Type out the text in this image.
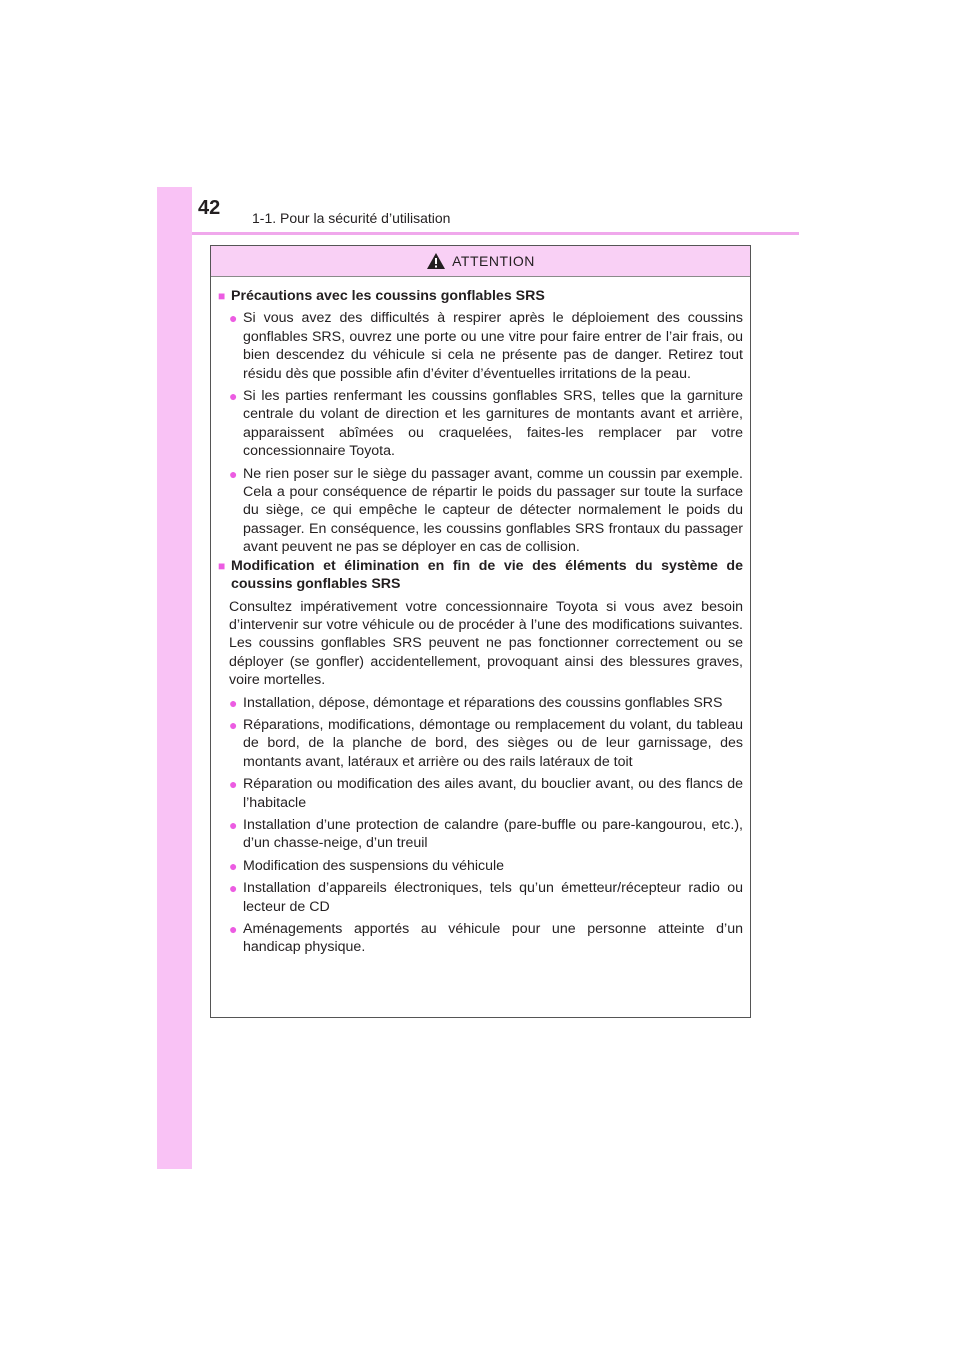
42 1-1. Pour la sécurité d’utilisation
ATTENTION
■ Précautions avec les coussins gonflables SRS
● Si vous avez des difficultés à respirer après le déploiement des coussins gonflables SRS, ouvrez une porte ou une vitre pour faire entrer de l’air frais, ou bien descendez du véhicule si cela ne présente pas de danger. Retirez tout résidu dès que possible afin d’éviter d’éventuelles irritations de la peau.
● Si les parties renfermant les coussins gonflables SRS, telles que la garniture centrale du volant de direction et les garnitures de montants avant et arrière, apparaissent abîmées ou craquelées, faites-les remplacer par votre concessionnaire Toyota.
● Ne rien poser sur le siège du passager avant, comme un coussin par exemple. Cela a pour conséquence de répartir le poids du passager sur toute la surface du siège, ce qui empêche le capteur de détecter normalement le poids du passager. En conséquence, les coussins gonflables SRS frontaux du passager avant peuvent ne pas se déployer en cas de collision.
■ Modification et élimination en fin de vie des éléments du système de coussins gonflables SRS
Consultez impérativement votre concessionnaire Toyota si vous avez besoin d’intervenir sur votre véhicule ou de procéder à l’une des modifications suivantes. Les coussins gonflables SRS peuvent ne pas fonctionner correctement ou se déployer (se gonfler) accidentellement, provoquant ainsi des blessures graves, voire mortelles.
● Installation, dépose, démontage et réparations des coussins gonflables SRS
● Réparations, modifications, démontage ou remplacement du volant, du tableau de bord, de la planche de bord, des sièges ou de leur garnissage, des montants avant, latéraux et arrière ou des rails latéraux de toit
● Réparation ou modification des ailes avant, du bouclier avant, ou des flancs de l’habitacle
● Installation d’une protection de calandre (pare-buffle ou pare-kangourou, etc.), d’un chasse-neige, d’un treuil
● Modification des suspensions du véhicule
● Installation d’appareils électroniques, tels qu’un émetteur/récepteur radio ou lecteur de CD
● Aménagements apportés au véhicule pour une personne atteinte d’un handicap physique.
